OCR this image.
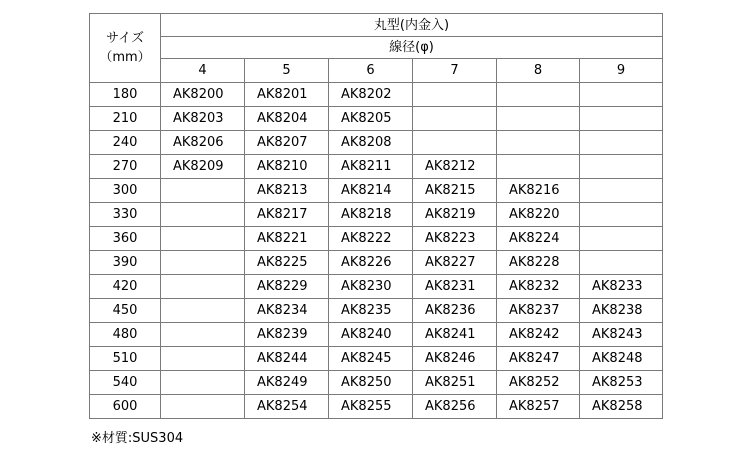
サイズ
（mm）	丸型(内金入)					
	線径(φ)					
	4	5	6	7	8	9
180	AK8200	AK8201	AK8202			
210	AK8203	AK8204	AK8205			
240	AK8206	AK8207	AK8208			
270	AK8209	AK8210	AK8211	AK8212		
300		AK8213	AK8214	AK8215	AK8216	
330		AK8217	AK8218	AK8219	AK8220	
360		AK8221	AK8222	AK8223	AK8224	
390		AK8225	AK8226	AK8227	AK8228	
420		AK8229	AK8230	AK8231	AK8232	AK8233
450		AK8234	AK8235	AK8236	AK8237	AK8238
480		AK8239	AK8240	AK8241	AK8242	AK8243
510		AK8244	AK8245	AK8246	AK8247	AK8248
540		AK8249	AK8250	AK8251	AK8252	AK8253
600		AK8254	AK8255	AK8256	AK8257	AK8258
※材質:SUS304
